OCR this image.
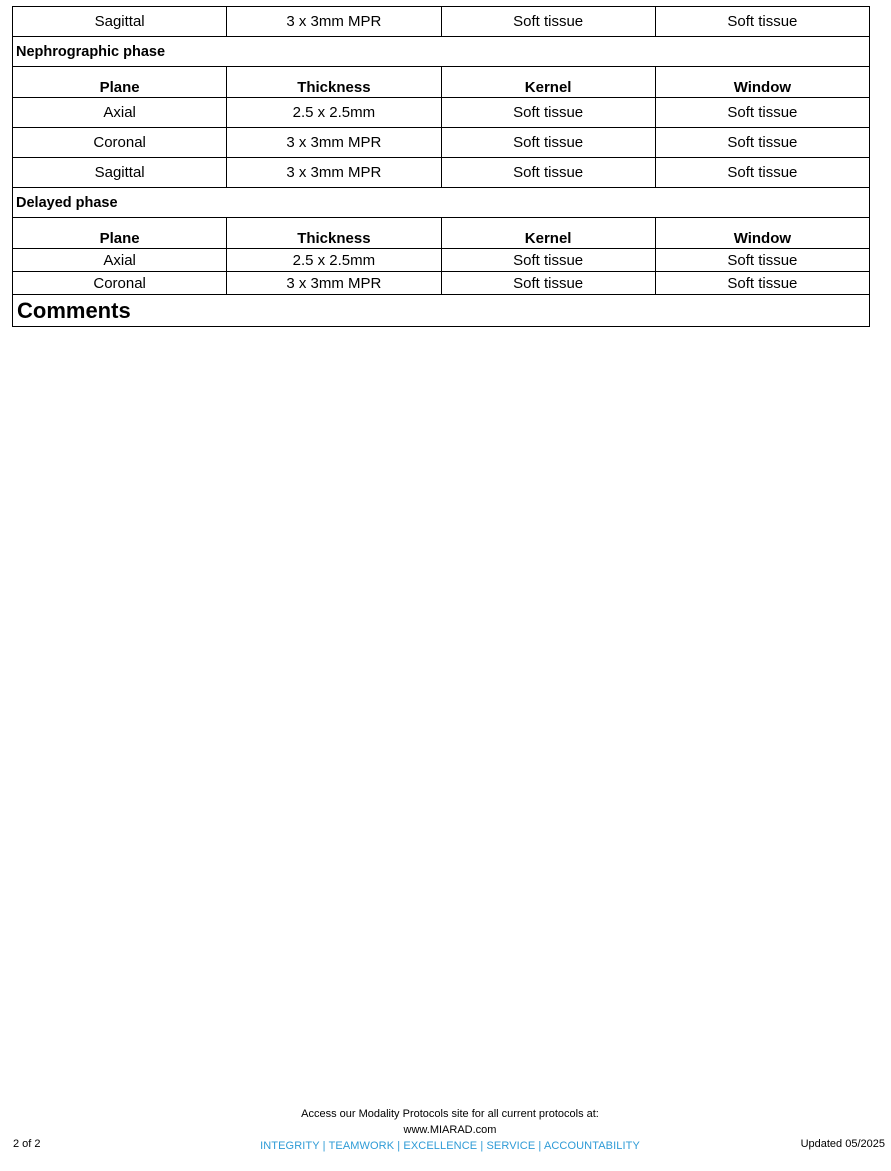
Sagittal	3 x 3mm MPR	Soft tissue	Soft tissue
Nephrographic phase			
Plane	Thickness	Kernel	Window
Axial	2.5 x 2.5mm	Soft tissue	Soft tissue
Coronal	3 x 3mm MPR	Soft tissue	Soft tissue
Sagittal	3 x 3mm MPR	Soft tissue	Soft tissue
Delayed phase			
Plane	Thickness	Kernel	Window
Axial	2.5 x 2.5mm	Soft tissue	Soft tissue
Coronal	3 x 3mm MPR	Soft tissue	Soft tissue
Comments			
Access our Modality Protocols site for all current protocols at:
www.MIARAD.com
INTEGRITY | TEAMWORK | EXCELLENCE | SERVICE | ACCOUNTABILITY
2 of 2	Updated 05/2025
